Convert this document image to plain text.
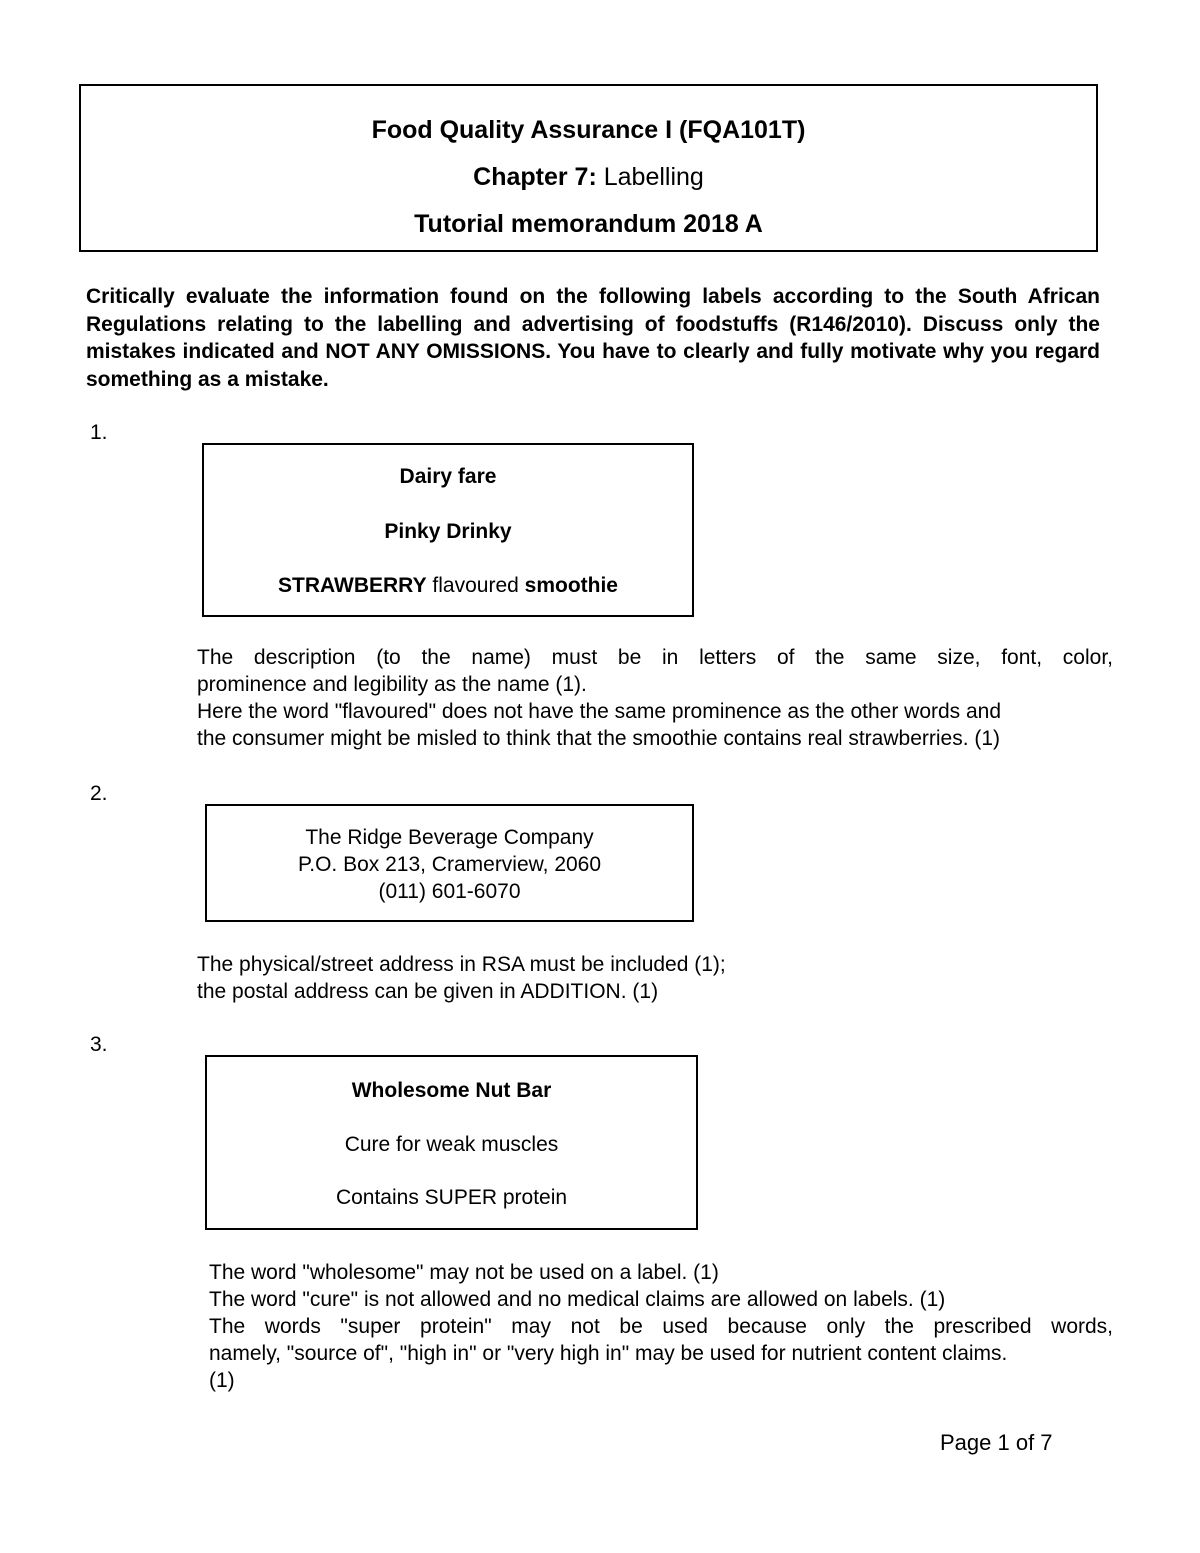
Food Quality Assurance I (FQA101T)
Chapter 7: Labelling
Tutorial memorandum 2018 A
Critically evaluate the information found on the following labels according to the South African Regulations relating to the labelling and advertising of foodstuffs (R146/2010). Discuss only the mistakes indicated and NOT ANY OMISSIONS. You have to clearly and fully motivate why you regard something as a mistake.
1.
Dairy fare
Pinky Drinky
STRAWBERRY flavoured smoothie
The description (to the name) must be in letters of the same size, font, color,
prominence and legibility as the name (1).
Here the word "flavoured" does not have the same prominence as the other words and
the consumer might be misled to think that the smoothie contains real strawberries. (1)
2.
The Ridge Beverage Company
P.O. Box 213, Cramerview, 2060
(011) 601-6070
The physical/street address in RSA must be included (1);
the postal address can be given in ADDITION. (1)
3.
Wholesome Nut Bar
Cure for weak muscles
Contains SUPER protein
The word "wholesome" may not be used on a label. (1)
The word "cure" is not allowed and no medical claims are allowed on labels. (1)
The words "super protein" may not be used because only the prescribed words,
namely, "source of", "high in" or "very high in" may be used for nutrient content claims.
(1)
Page 1 of 7
